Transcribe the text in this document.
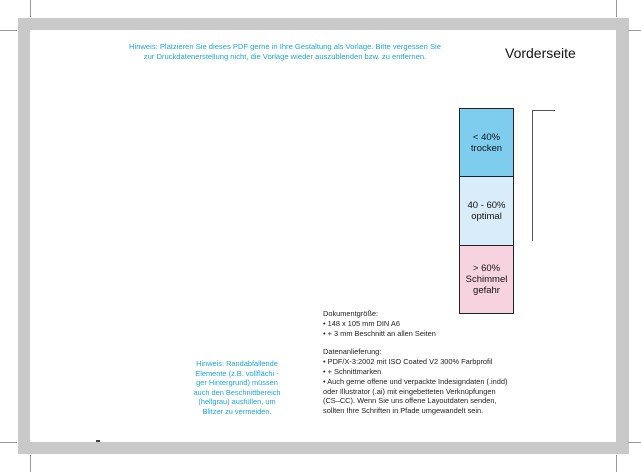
Hinweis: Platzieren Sie dieses PDF gerne in Ihre Gestaltung als Vorlage. Bitte vergessen Sie
zur Druckdatenerstellung nicht, die Vorlage wieder auszublenden bzw. zu entfernen.	Vorderseite
< 40%
trocken
40 - 60%
optimal
> 60%
Schimmel
gefahr
Dokumentgröße:
• 148 x 105 mm DIN A6
• + 3 mm Beschnitt an allen Seiten
Datenanlieferung:
• PDF/X-3:2002 mit ISO Coated V2 300% Farbprofil
• + Schnittmarken
• Auch gerne offene und verpackte Indesigndaten (.indd)
oder Illustrator (.ai) mit eingebetteten Verknüpfungen
(CS–CC). Wenn Sie uns offene Layoutdaten senden,
sollten Ihre Schriften in Pfade umgewandelt sein.
Hinweis: Randabfallende
Elemente (z.B. vollflächi -
ger Hintergrund) müssen
auch den Beschnittbereich
(hellgrau) ausfüllen, um
Blitzer zu vermeiden.
